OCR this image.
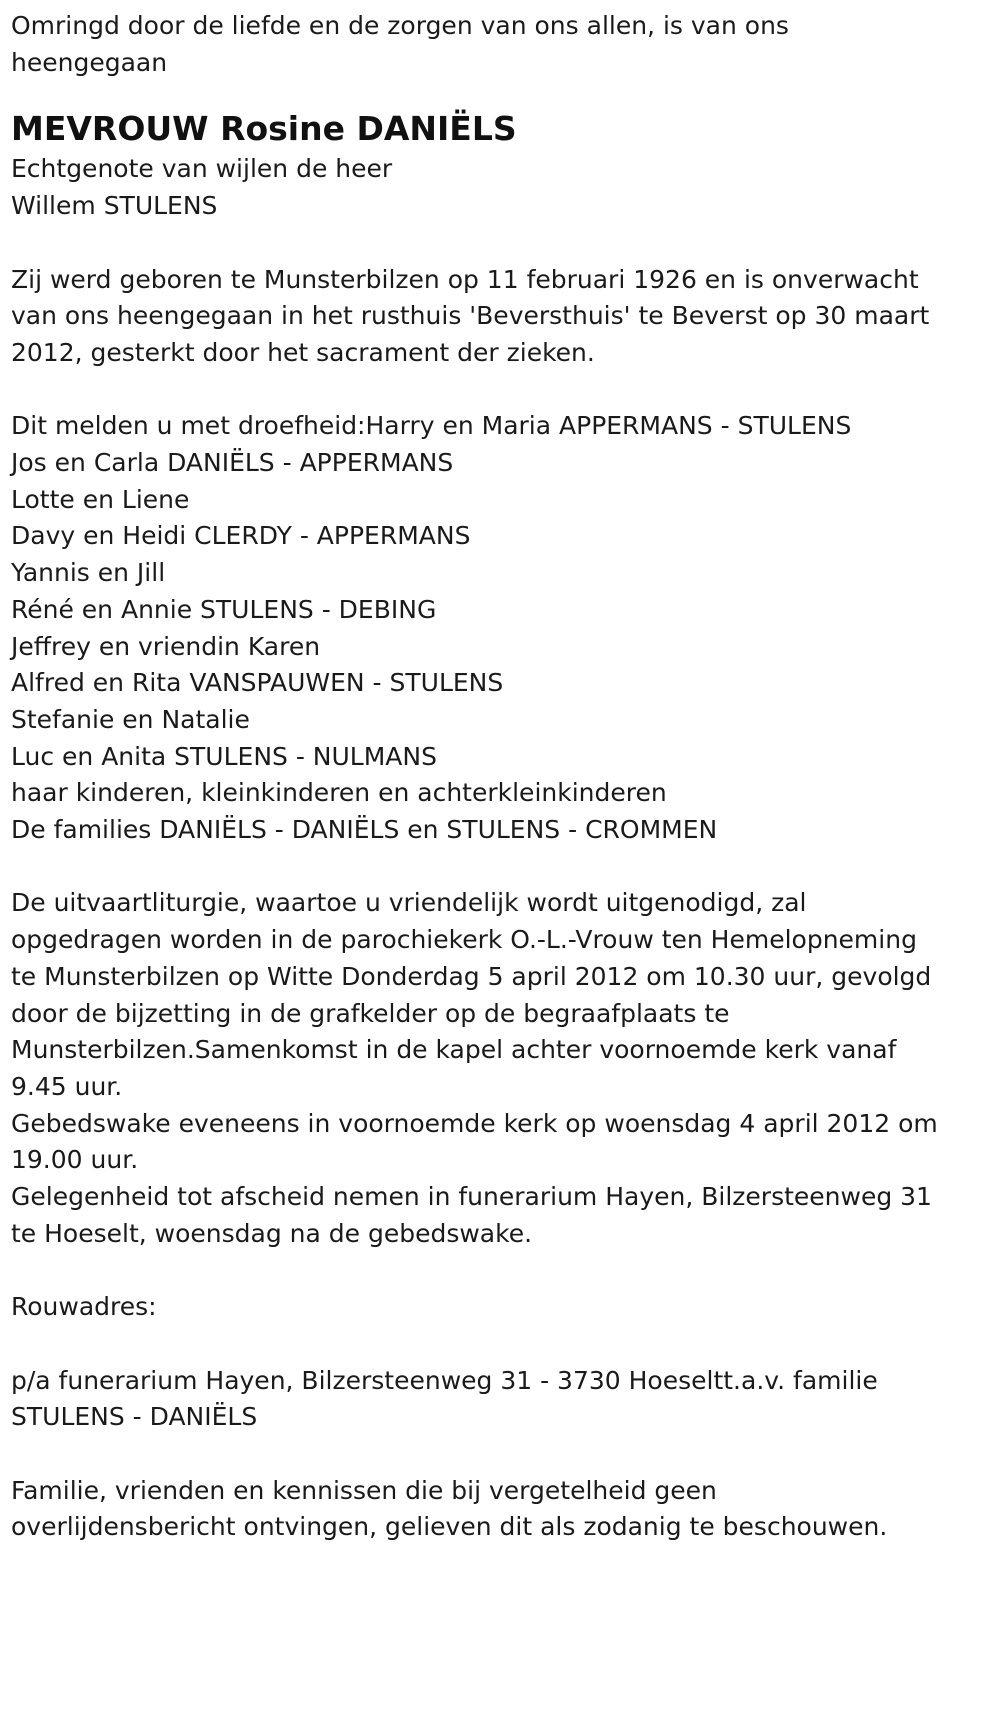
Omringd door de liefde en de zorgen van ons allen, is van ons

heengegaan

MEVROUW Rosine DANIËLS

Echtgenote van wijlen de heer

Willem STULENS

Zij werd geboren te Munsterbilzen op 11 februari 1926 en is onverwacht

van ons heengegaan in het rusthuis 'Beversthuis' te Beverst op 30 maart

2012, gesterkt door het sacrament der zieken.

Dit melden u met droefheid:Harry en Maria APPERMANS - STULENS

Jos en Carla DANIËLS - APPERMANS

Lotte en Liene

Davy en Heidi CLERDY - APPERMANS

Yannis en Jill

Réné en Annie STULENS - DEBING

Jeffrey en vriendin Karen

Alfred en Rita VANSPAUWEN - STULENS

Stefanie en Natalie

Luc en Anita STULENS - NULMANS

haar kinderen, kleinkinderen en achterkleinkinderen

De families DANIËLS - DANIËLS en STULENS - CROMMEN

De uitvaartliturgie, waartoe u vriendelijk wordt uitgenodigd, zal

opgedragen worden in de parochiekerk O.-L.-Vrouw ten Hemelopneming

te Munsterbilzen op Witte Donderdag 5 april 2012 om 10.30 uur, gevolgd

door de bijzetting in de grafkelder op de begraafplaats te

Munsterbilzen.Samenkomst in de kapel achter voornoemde kerk vanaf

9.45 uur.

Gebedswake eveneens in voornoemde kerk op woensdag 4 april 2012 om

19.00 uur.

Gelegenheid tot afscheid nemen in funerarium Hayen, Bilzersteenweg 31

te Hoeselt, woensdag na de gebedswake.

Rouwadres:

p/a funerarium Hayen, Bilzersteenweg 31 - 3730 Hoeseltt.a.v. familie

STULENS - DANIËLS

Familie, vrienden en kennissen die bij vergetelheid geen

overlijdensbericht ontvingen, gelieven dit als zodanig te beschouwen.
